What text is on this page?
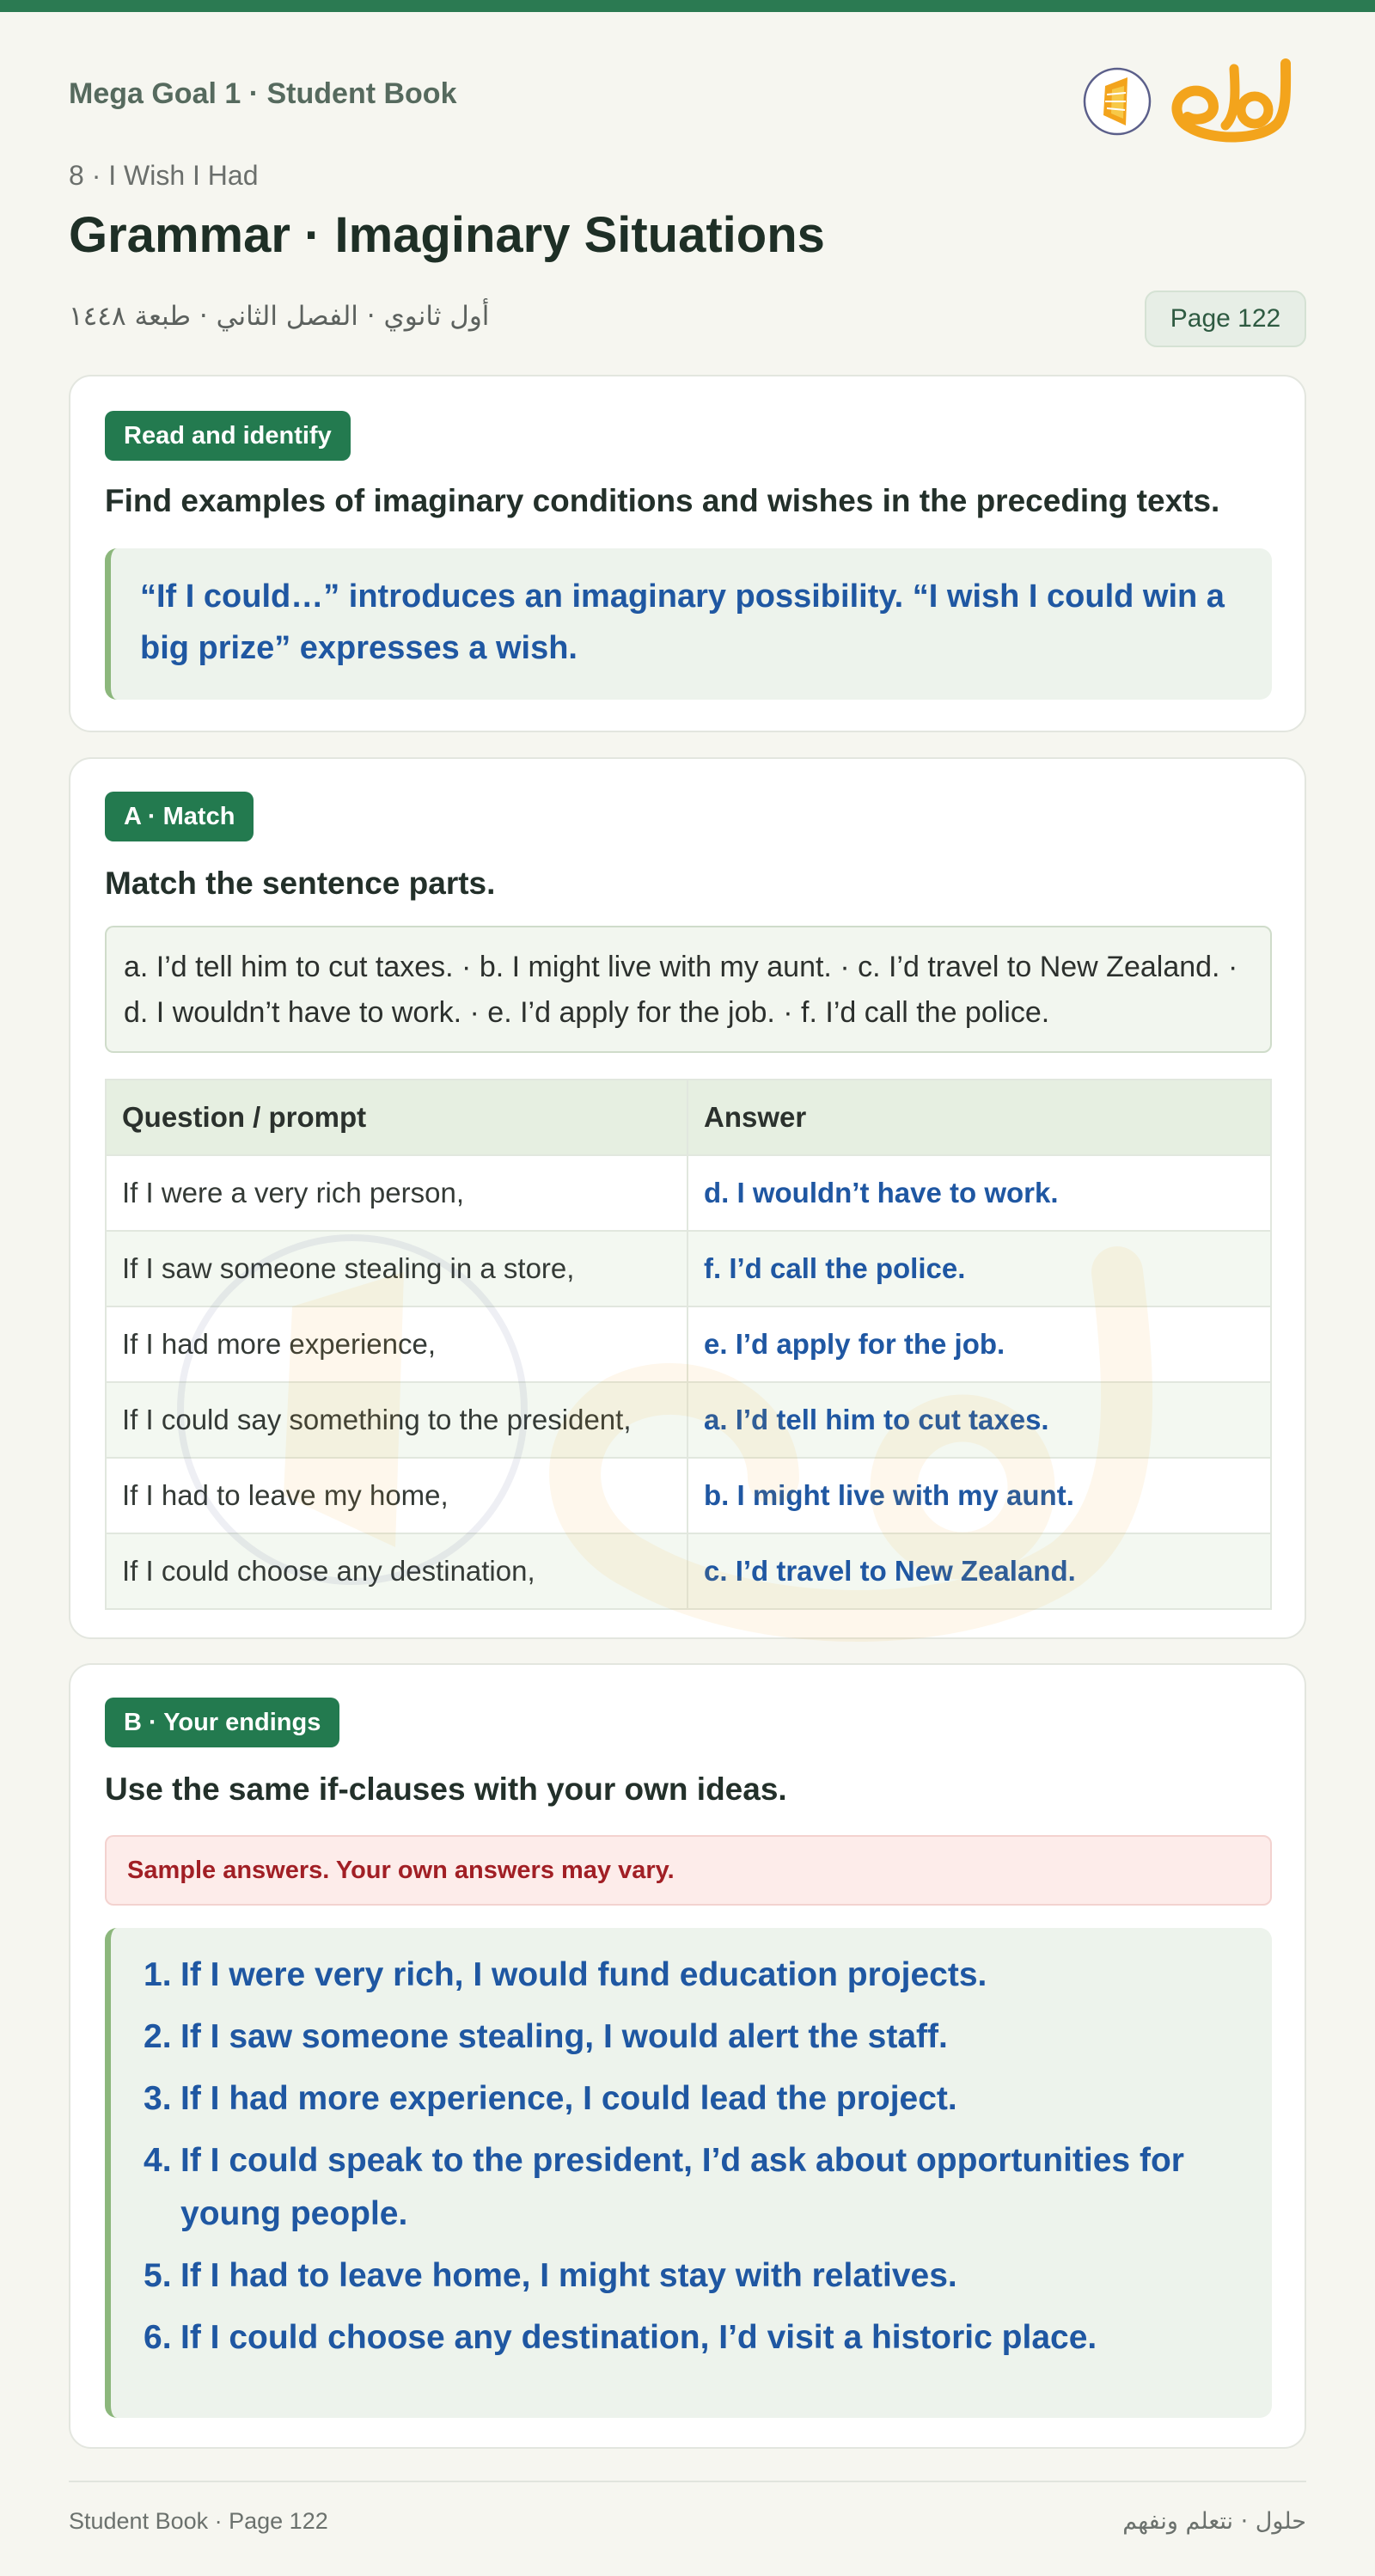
Mega Goal 1 · Student Book
حلول
8 · I Wish I Had
Grammar · Imaginary Situations
أول ثانوي · الفصل الثاني · طبعة ١٤٤٨	Page 122
Read and identify
Find examples of imaginary conditions and wishes in the preceding texts.
“If I could…” introduces an imaginary possibility. “I wish I could win a big prize” expresses a wish.
A · Match
Match the sentence parts.
a. I’d tell him to cut taxes. · b. I might live with my aunt. · c. I’d travel to New Zealand. · d. I wouldn’t have to work. · e. I’d apply for the job. · f. I’d call the police.
Question / prompt	Answer
If I were a very rich person,	d. I wouldn’t have to work.
If I saw someone stealing in a store,	f. I’d call the police.
If I had more experience,	e. I’d apply for the job.
If I could say something to the president,	a. I’d tell him to cut taxes.
If I had to leave my home,	b. I might live with my aunt.
If I could choose any destination,	c. I’d travel to New Zealand.
B · Your endings
Use the same if-clauses with your own ideas.
Sample answers. Your own answers may vary.
1. If I were very rich, I would fund education projects.
2. If I saw someone stealing, I would alert the staff.
3. If I had more experience, I could lead the project.
4. If I could speak to the president, I’d ask about opportunities for young people.
5. If I had to leave home, I might stay with relatives.
6. If I could choose any destination, I’d visit a historic place.
Student Book · Page 122	حلول · نتعلم ونفهم
